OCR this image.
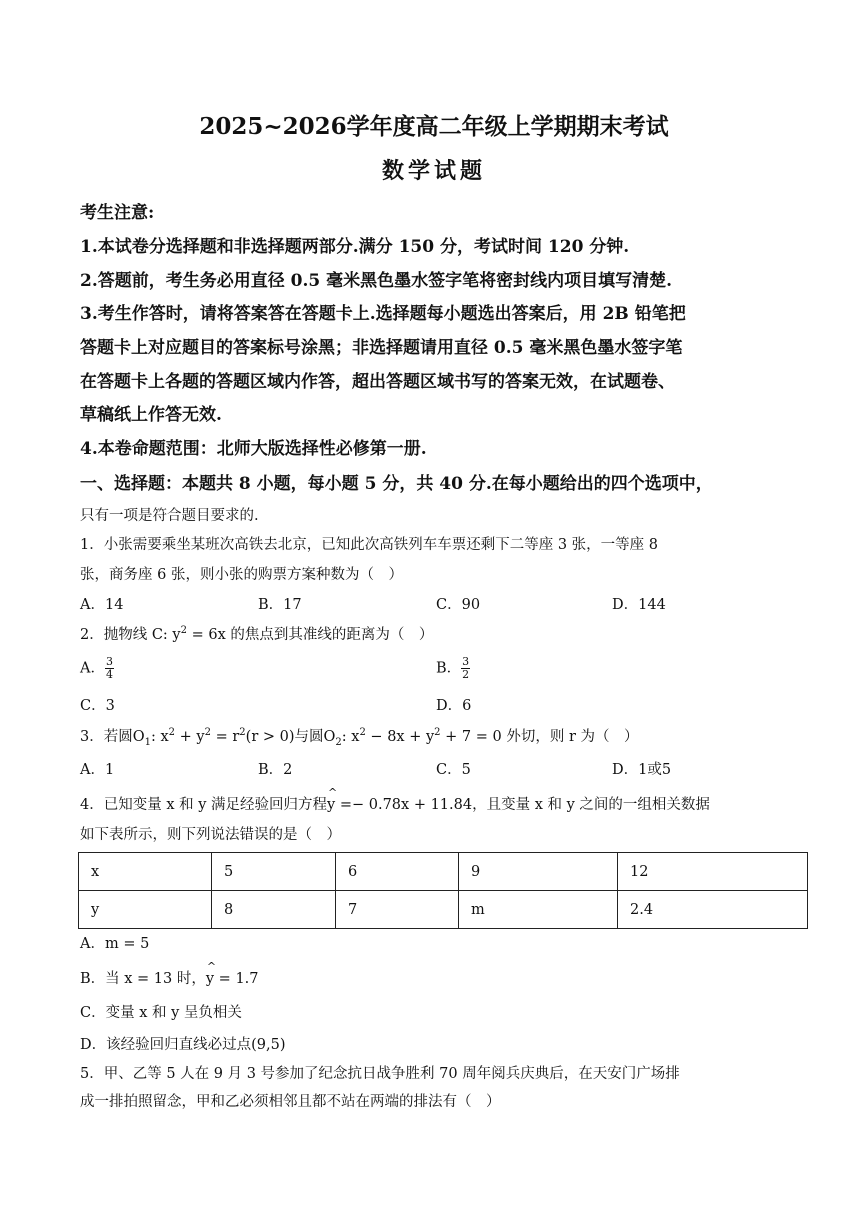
2025~2026学年度高二年级上学期期末考试
数学试题
考生注意:
1.本试卷分选择题和非选择题两部分.满分 150 分，考试时间 120 分钟.
2.答题前，考生务必用直径 0.5 毫米黑色墨水签字笔将密封线内项目填写清楚.
3.考生作答时，请将答案答在答题卡上.选择题每小题选出答案后，用 2B 铅笔把
答题卡上对应题目的答案标号涂黑；非选择题请用直径 0.5 毫米黑色墨水签字笔
在答题卡上各题的答题区域内作答，超出答题区域书写的答案无效，在试题卷、
草稿纸上作答无效.
4.本卷命题范围：北师大版选择性必修第一册.
一、选择题：本题共 8 小题，每小题 5 分，共 40 分.在每小题给出的四个选项中，
只有一项是符合题目要求的.
1．小张需要乘坐某班次高铁去北京，已知此次高铁列车车票还剩下二等座 3 张，一等座 8
张，商务座 6 张，则小张的购票方案种数为（　）
A．14	B．17	C．90	D．144
2．抛物线 C: $y^2 = 6x$ 的焦点到其准线的距离为（　）
A． $\frac{3}{4}$	B． $\frac{3}{2}$
C．3	D．6
3．若圆$O_1$: $x^2 + y^2 = r^2(r > 0)$与圆$O_2$: $x^2 - 8x + y^2 + 7 = 0$ 外切，则 r 为（　）
A．1	B．2	C．5	D．1或5
4．已知变量 x 和 y 满足经验回归方程^ y =− 0.78x + 11.84，且变量 x 和 y 之间的一组相关数据
如下表所示，则下列说法错误的是（　）
x	5	6	9	12
y	8	7	m	2.4
A．m = 5
B．当 x = 13 时，^ y = 1.7
C．变量 x 和 y 呈负相关
D．该经验回归直线必过点(9,5)
5．甲、乙等 5 人在 9 月 3 号参加了纪念抗日战争胜利 70 周年阅兵庆典后，在天安门广场排
成一排拍照留念，甲和乙必须相邻且都不站在两端的排法有（　）
